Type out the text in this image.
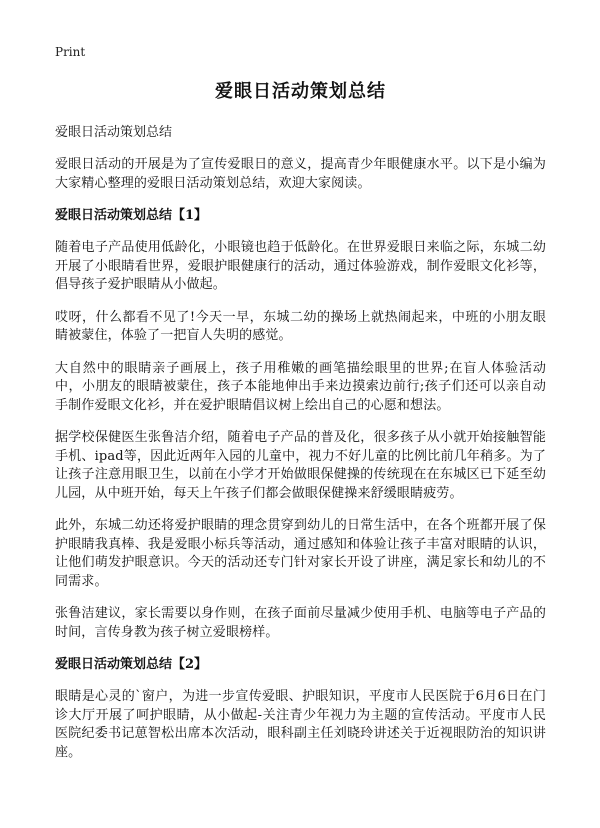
Print
爱眼日活动策划总结
爱眼日活动策划总结

爱眼日活动的开展是为了宣传爱眼日的意义，提高青少年眼健康水平。以下是小编为大家精心整理的爱眼日活动策划总结，欢迎大家阅读。

爱眼日活动策划总结【1】

随着电子产品使用低龄化，小眼镜也趋于低龄化。在世界爱眼日来临之际，东城二幼开展了小眼睛看世界，爱眼护眼健康行的活动，通过体验游戏，制作爱眼文化衫等，倡导孩子爱护眼睛从小做起。

哎呀，什么都看不见了!今天一早，东城二幼的操场上就热闹起来，中班的小朋友眼睛被蒙住，体验了一把盲人失明的感觉。

大自然中的眼睛亲子画展上，孩子用稚嫩的画笔描绘眼里的世界;在盲人体验活动中，小朋友的眼睛被蒙住，孩子本能地伸出手来边摸索边前行;孩子们还可以亲自动手制作爱眼文化衫，并在爱护眼睛倡议树上绘出自己的心愿和想法。

据学校保健医生张鲁洁介绍，随着电子产品的普及化，很多孩子从小就开始接触智能手机、ipad等，因此近两年入园的儿童中，视力不好儿童的比例比前几年稍多。为了让孩子注意用眼卫生，以前在小学才开始做眼保健操的传统现在在东城区已下延至幼儿园，从中班开始，每天上午孩子们都会做眼保健操来舒缓眼睛疲劳。

此外，东城二幼还将爱护眼睛的理念贯穿到幼儿的日常生活中，在各个班都开展了保护眼睛我真棒、我是爱眼小标兵等活动，通过感知和体验让孩子丰富对眼睛的认识，让他们萌发护眼意识。今天的活动还专门针对家长开设了讲座，满足家长和幼儿的不同需求。

张鲁洁建议，家长需要以身作则，在孩子面前尽量减少使用手机、电脑等电子产品的时间，言传身教为孩子树立爱眼榜样。

爱眼日活动策划总结【2】

眼睛是心灵的`窗户，为进一步宣传爱眼、护眼知识，平度市人民医院于6月6日在门诊大厅开展了呵护眼睛，从小做起-关注青少年视力为主题的宣传活动。平度市人民医院纪委书记葸智松出席本次活动，眼科副主任刘晓玲讲述关于近视眼防治的知识讲座。
